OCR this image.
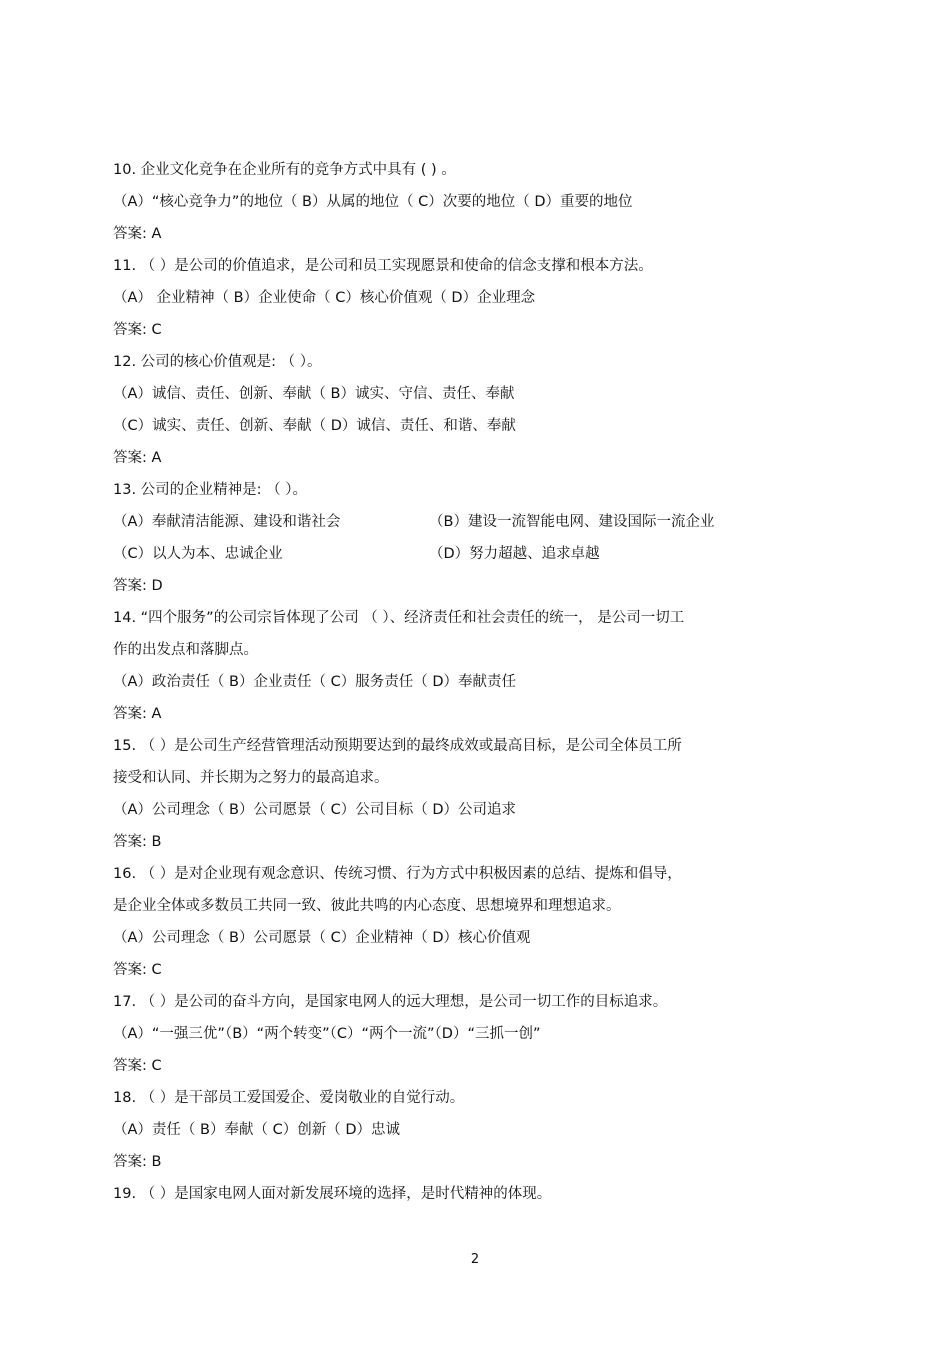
10. 企业文化竞争在企业所有的竞争方式中具有 ( ) 。
（A）“核心竞争力”的地位（ B）从属的地位（ C）次要的地位（ D）重要的地位
答案: A
11. （ ）是公司的价值追求，是公司和员工实现愿景和使命的信念支撑和根本方法。
（A） 企业精神（ B）企业使命（ C）核心价值观（ D）企业理念
答案: C
12. 公司的核心价值观是: （ ）。
（A）诚信、责任、创新、奉献（ B）诚实、守信、责任、奉献
（C）诚实、责任、创新、奉献（ D）诚信、责任、和谐、奉献
答案: A
13. 公司的企业精神是: （ ）。
（A）奉献清洁能源、建设和谐社会	（B）建设一流智能电网、建设国际一流企业
（C）以人为本、忠诚企业	（D）努力超越、追求卓越
答案: D
14. “四个服务”的公司宗旨体现了公司 （ ）、经济责任和社会责任的统一， 是公司一切工
作的出发点和落脚点。
（A）政治责任（ B）企业责任（ C）服务责任（ D）奉献责任
答案: A
15. （ ）是公司生产经营管理活动预期要达到的最终成效或最高目标，是公司全体员工所
接受和认同、并长期为之努力的最高追求。
（A）公司理念（ B）公司愿景（ C）公司目标（ D）公司追求
答案: B
16. （ ）是对企业现有观念意识、传统习惯、行为方式中积极因素的总结、提炼和倡导，
是企业全体或多数员工共同一致、彼此共鸣的内心态度、思想境界和理想追求。
（A）公司理念（ B）公司愿景（ C）企业精神（ D）核心价值观
答案: C
17. （ ）是公司的奋斗方向，是国家电网人的远大理想，是公司一切工作的目标追求。
（A）“一强三优”（B）“两个转变”（C）“两个一流”（D）“三抓一创”
答案: C
18. （ ）是干部员工爱国爱企、爱岗敬业的自觉行动。
（A）责任（ B）奉献（ C）创新（ D）忠诚
答案: B
19. （ ）是国家电网人面对新发展环境的选择，是时代精神的体现。
2
